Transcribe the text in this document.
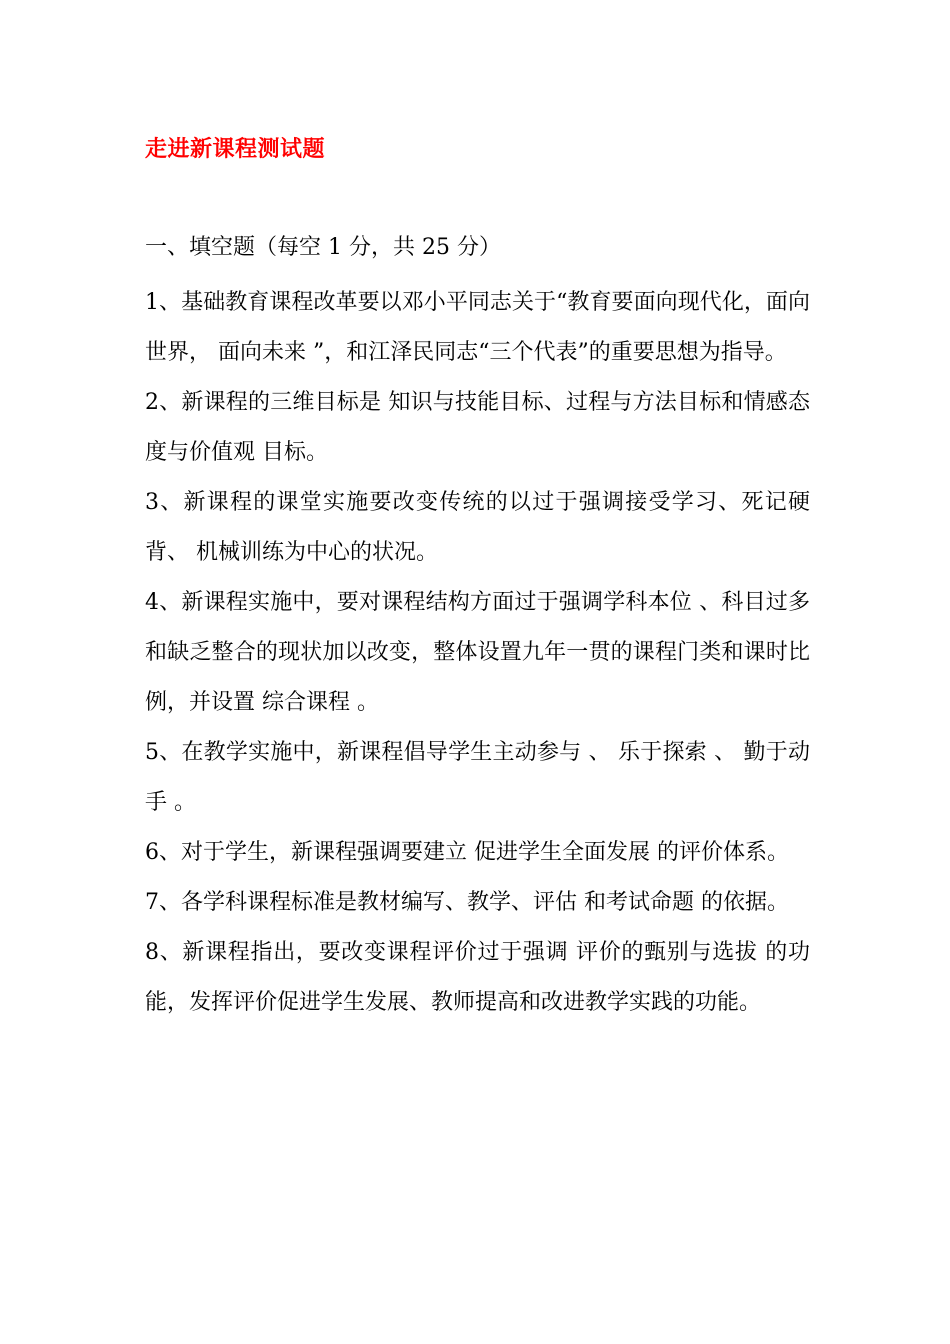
走进新课程测试题
一、填空题（每空 1 分，共 25 分）

1、基础教育课程改革要以邓小平同志关于“教育要面向现代化，面向世界， 面向未来 ”，和江泽民同志“三个代表”的重要思想为指导。

2、新课程的三维目标是 知识与技能目标、过程与方法目标和情感态度与价值观 目标。

3、新课程的课堂实施要改变传统的以过于强调接受学习、死记硬背、 机械训练为中心的状况。

4、新课程实施中，要对课程结构方面过于强调学科本位 、科目过多和缺乏整合的现状加以改变，整体设置九年一贯的课程门类和课时比例，并设置 综合课程 。

5、在教学实施中，新课程倡导学生主动参与 、 乐于探索 、 勤于动手 。

6、对于学生，新课程强调要建立 促进学生全面发展 的评价体系。

7、各学科课程标准是教材编写、教学、评估 和考试命题 的依据。

8、新课程指出，要改变课程评价过于强调 评价的甄别与选拔 的功能，发挥评价促进学生发展、教师提高和改进教学实践的功能。
